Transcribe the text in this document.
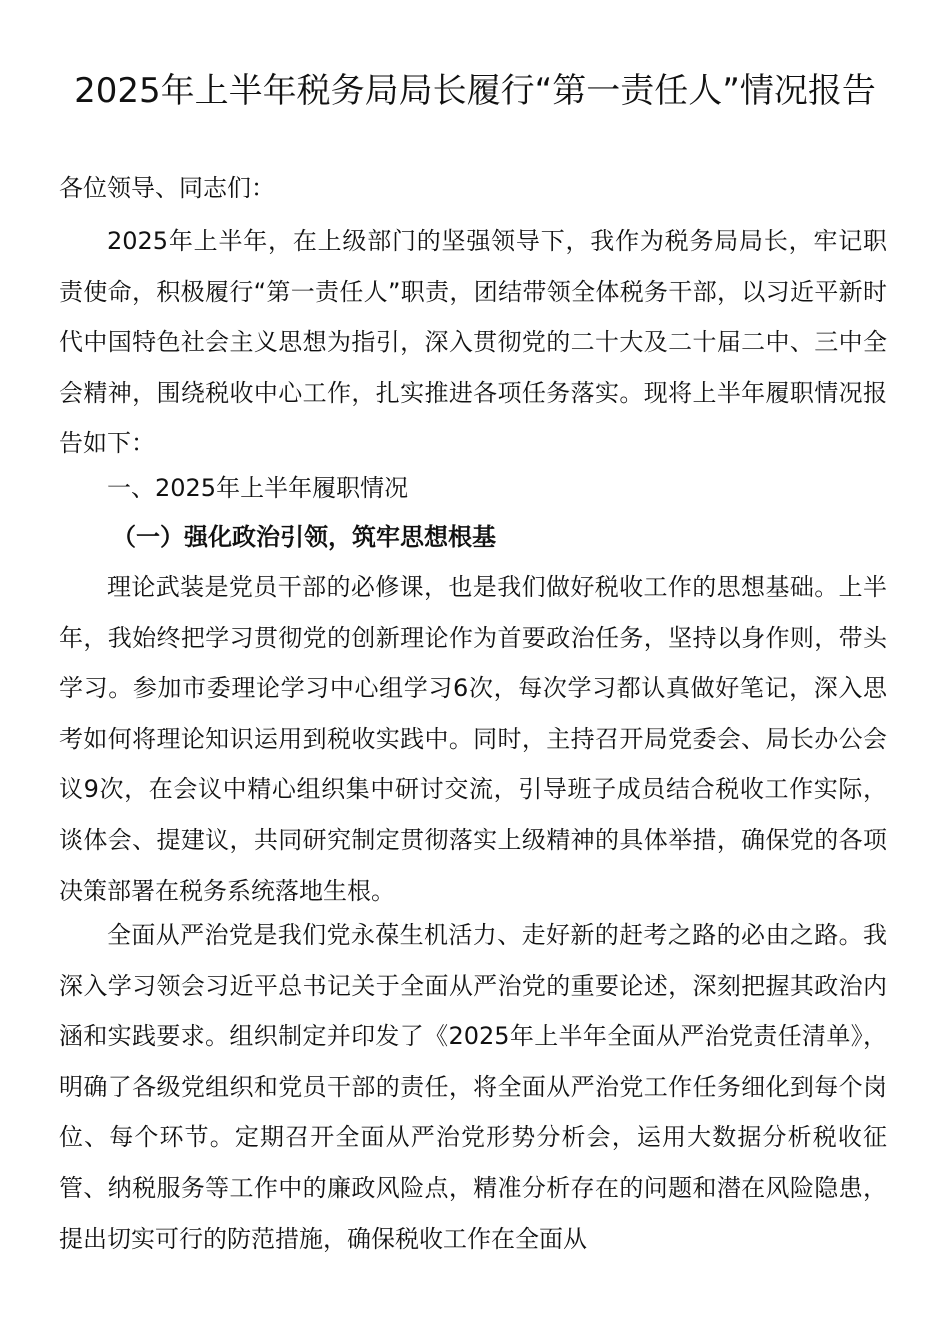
2025年上半年税务局局长履行“第一责任人”情况报告

各位领导、同志们：

2025年上半年，在上级部门的坚强领导下，我作为税务局局长，牢记职责使命，积极履行“第一责任人”职责，团结带领全体税务干部，以习近平新时代中国特色社会主义思想为指引，深入贯彻党的二十大及二十届二中、三中全会精神，围绕税收中心工作，扎实推进各项任务落实。现将上半年履职情况报告如下：

一、2025年上半年履职情况

（一）强化政治引领，筑牢思想根基

理论武装是党员干部的必修课，也是我们做好税收工作的思想基础。上半年，我始终把学习贯彻党的创新理论作为首要政治任务，坚持以身作则，带头学习。参加市委理论学习中心组学习6次，每次学习都认真做好笔记，深入思考如何将理论知识运用到税收实践中。同时，主持召开局党委会、局长办公会议9次，在会议中精心组织集中研讨交流，引导班子成员结合税收工作实际，谈体会、提建议，共同研究制定贯彻落实上级精神的具体举措，确保党的各项决策部署在税务系统落地生根。

全面从严治党是我们党永葆生机活力、走好新的赶考之路的必由之路。我深入学习领会习近平总书记关于全面从严治党的重要论述，深刻把握其政治内涵和实践要求。组织制定并印发了《2025年上半年全面从严治党责任清单》，明确了各级党组织和党员干部的责任，将全面从严治党工作任务细化到每个岗位、每个环节。定期召开全面从严治党形势分析会，运用大数据分析税收征管、纳税服务等工作中的廉政风险点，精准分析存在的问题和潜在风险隐患，提出切实可行的防范措施，确保税收工作在全面从
